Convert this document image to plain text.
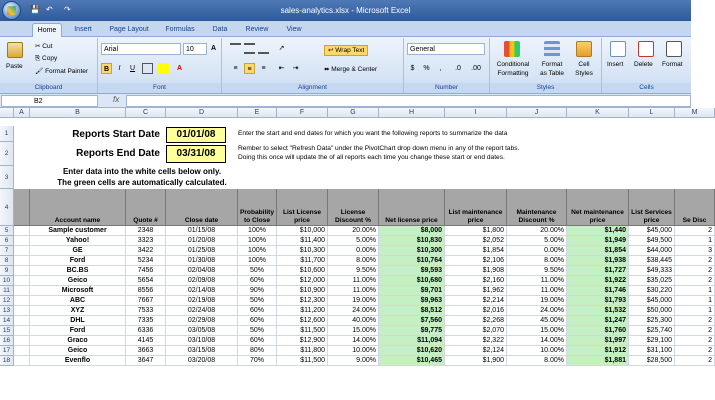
💾 ↶	↷	sales-analytics.xlsx - Microsoft Excel
Home	Insert	Page Layout	Formulas	Data	Review	View
Paste
✂ Cut
⎘ Copy
🖌 Format Painter
Clipboard
Arial	10	A
B	I	U	A
Font
↗	↩ Wrap Text
≡	≡	≡	⇤	⇥	⬌ Merge & Center
Alignment
General
$	%	,	.0	.00
Number
Conditional
Formatting
Format
as Table
Cell
Styles
Styles
Insert Delete Format
Cells
B2	fx
A	B	C	D	E	F	G	H	I	J	K	L	M
1
2
3
4
Reports Start Date	01/01/08	Enter the start and end dates for which you want the following reports to summarize the data
Reports End Date	03/31/08	Rember to select "Refresh Data" under the PivotChart drop down menu in any of the report tabs.
Doing this once will update the of all reports each time you change these start or end dates.
Enter data into the white cells below only.
The green cells are automatically calculated.
Account name	Quote #	Close date
Probability to Close
List License price
License Discount %	Net license price
List maintenance price
Maintenance Discount %
Net maintenance price
List Services price	Se Disc
5	Sample customer	2348	01/15/08	100%	$10,000	20.00%	$8,000	$1,800	20.00%	$1,440	$45,000	2
6	Yahoo!	3323	01/20/08	100%	$11,400	5.00%	$10,830	$2,052	5.00%	$1,949	$49,500	1
7	GE	3422	01/25/08	100%	$10,300	0.00%	$10,300	$1,854	0.00%	$1,854	$44,000	3
8	Ford	5234	01/30/08	100%	$11,700	8.00%	$10,764	$2,106	8.00%	$1,938	$38,445	2
9	BC.BS	7456	02/04/08	50%	$10,600	9.50%	$9,593	$1,908	9.50%	$1,727	$49,333	2
10	Geico	5654	02/09/08	60%	$12,000	11.00%	$10,680	$2,160	11.00%	$1,922	$35,025	2
11	Microsoft	8556	02/14/08	90%	$10,900	11.00%	$9,701	$1,962	11.00%	$1,746	$30,220	1
12	ABC	7667	02/19/08	50%	$12,300	19.00%	$9,963	$2,214	19.00%	$1,793	$45,000	1
13	XYZ	7533	02/24/08	60%	$11,200	24.00%	$8,512	$2,016	24.00%	$1,532	$50,000	1
14	DHL	7335	02/29/08	60%	$12,600	40.00%	$7,560	$2,268	45.00%	$1,247	$25,300	2
15	Ford	6336	03/05/08	50%	$11,500	15.00%	$9,775	$2,070	15.00%	$1,760	$25,740	2
16	Graco	4145	03/10/08	60%	$12,900	14.00%	$11,094	$2,322	14.00%	$1,997	$29,100	2
17	Geico	3663	03/15/08	80%	$11,800	10.00%	$10,620	$2,124	10.00%	$1,912	$31,100	2
18	Evenflo	3647	03/20/08	70%	$11,500	9.00%	$10,465	$1,900	8.00%	$1,881	$28,500	2
